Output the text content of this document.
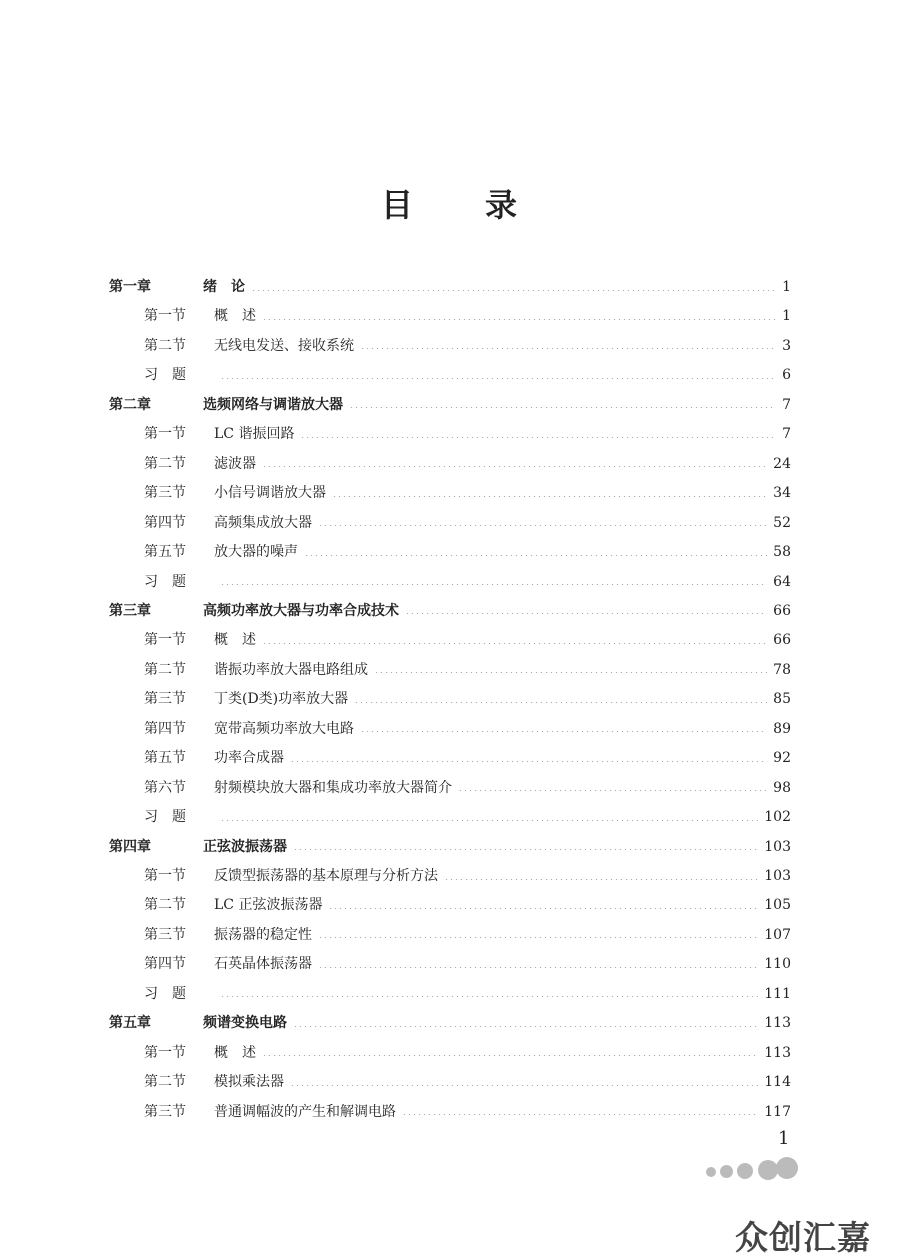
目 录
第一章	绪　论	1
第一节 概　述	1
第二节 无线电发送、接收系统	3
习　题	6
第二章	选频网络与调谐放大器	7
第一节 LC 谐振回路	7
第二节 滤波器	24
第三节 小信号调谐放大器	34
第四节 高频集成放大器	52
第五节 放大器的噪声	58
习　题	64
第三章	高频功率放大器与功率合成技术	66
第一节 概　述	66
第二节 谐振功率放大器电路组成	78
第三节 丁类(D类)功率放大器	85
第四节 宽带高频功率放大电路	89
第五节 功率合成器	92
第六节 射频模块放大器和集成功率放大器简介	98
习　题	102
第四章	正弦波振荡器	103
第一节 反馈型振荡器的基本原理与分析方法	103
第二节 LC 正弦波振荡器	105
第三节 振荡器的稳定性	107
第四节 石英晶体振荡器	110
习　题	111
第五章	频谱变换电路	113
第一节 概　述	113
第二节 模拟乘法器	114
第三节 普通调幅波的产生和解调电路	117
1
众创汇嘉
